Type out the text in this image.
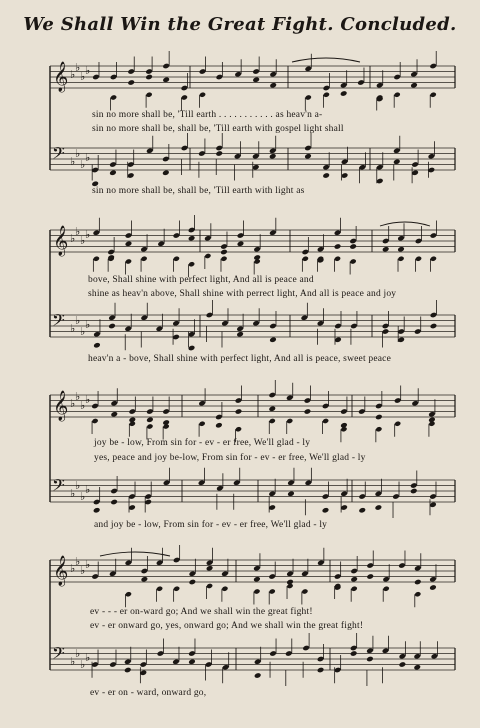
We Shall Win the Great Fight. Concluded.
𝄞 ♭
♭
♭ ♭
𝄢 ♭
♭
♭
♭
𝄞 ♭
♭
♭ ♭
𝄢 ♭
♭
♭
♭
𝄞 ♭
♭
♭ ♭
𝄢 ♭
♭
♭
♭
𝄞 ♭
♭
♭ ♭
𝄢 ♭
♭
♭
♭
sin no more shall be, 'Till earth . . . . . . . . . . . as heav'n a-
sin no more shall be, shall be, 'Till earth with gospel light shall
sin no more shall be, shall be, 'Till earth with light as
bove, Shall shine with perfect light, And all is peace and
shine as heav'n above, Shall shine with perrect light, And all is peace and joy
heav'n a - bove, Shall shine with perfect light, And all is peace, sweet peace
joy be - low, From sin for - ev - er free, We'll glad - ly
yes, peace and joy be-low, From sin for - ev - er free, We'll glad - ly
and joy be - low, From sin for - ev - er free, We'll glad - ly
ev - - - er on-ward go; And we shall win the great fight!
ev - er onward go, yes, onward go; And we shall win the great fight!
ev - er on - ward, onward go,
